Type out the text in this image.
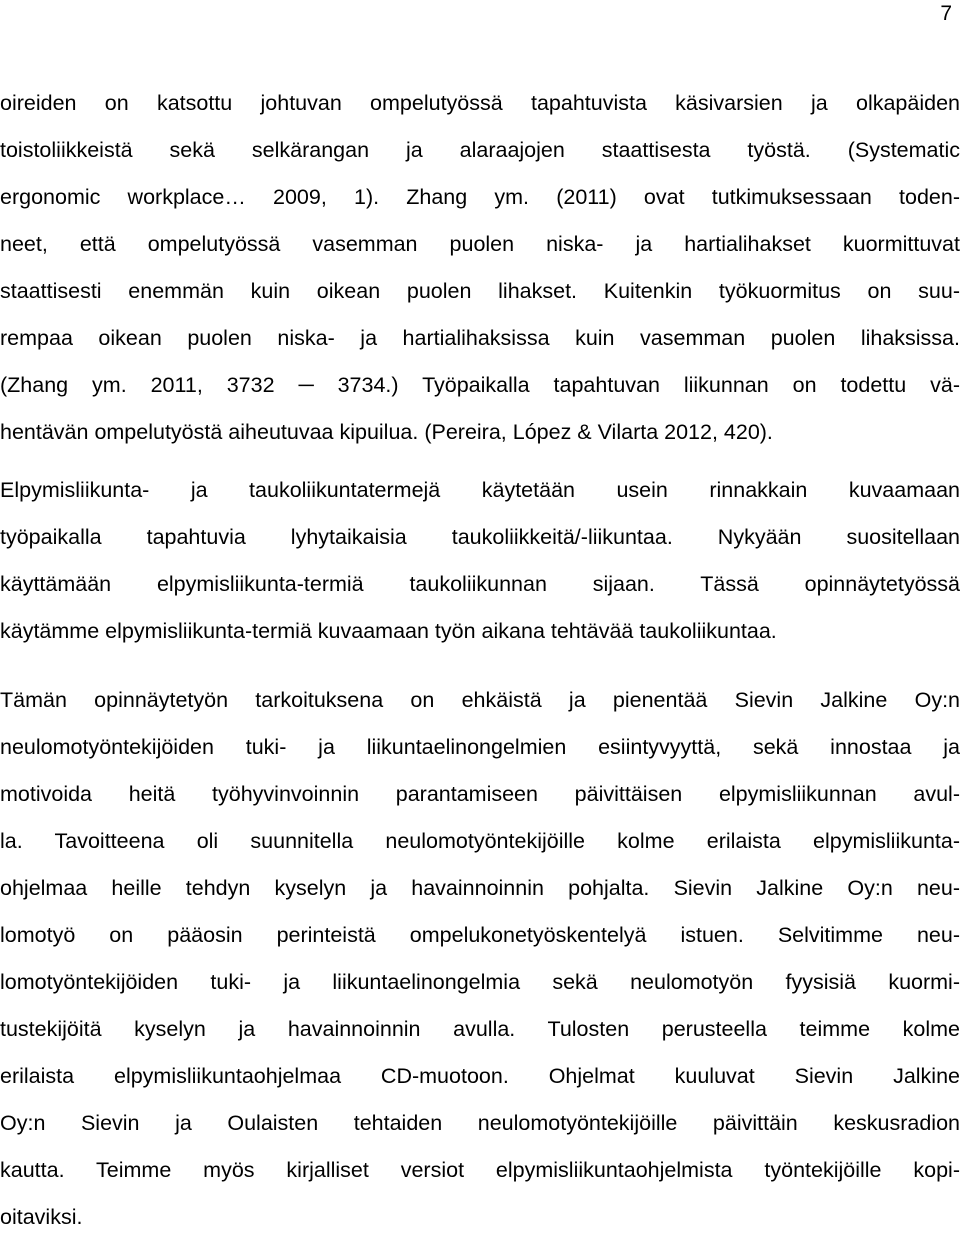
7
oireiden on katsottu johtuvan ompelutyössä tapahtuvista käsivarsien ja olkapäiden
toistoliikkeistä sekä selkärangan ja alaraajojen staattisesta työstä. (Systematic
ergonomic workplace… 2009, 1). Zhang ym. (2011) ovat tutkimuksessaan toden-
neet, että ompelutyössä vasemman puolen niska- ja hartialihakset kuormittuvat
staattisesti enemmän kuin oikean puolen lihakset. Kuitenkin työkuormitus on suu-
rempaa oikean puolen niska- ja hartialihaksissa kuin vasemman puolen lihaksissa.
(Zhang ym. 2011, 3732 ─ 3734.) Työpaikalla tapahtuvan liikunnan on todettu vä-
hentävän ompelutyöstä aiheutuvaa kipuilua. (Pereira, López & Vilarta 2012, 420).
Elpymisliikunta- ja taukoliikuntatermejä käytetään usein rinnakkain kuvaamaan
työpaikalla tapahtuvia lyhytaikaisia taukoliikkeitä/-liikuntaa. Nykyään suositellaan
käyttämään elpymisliikunta-termiä taukoliikunnan sijaan. Tässä opinnäytetyössä
käytämme elpymisliikunta-termiä kuvaamaan työn aikana tehtävää taukoliikuntaa.
Tämän opinnäytetyön tarkoituksena on ehkäistä ja pienentää Sievin Jalkine Oy:n
neulomotyöntekijöiden tuki- ja liikuntaelinongelmien esiintyvyyttä, sekä innostaa ja
motivoida heitä työhyvinvoinnin parantamiseen päivittäisen elpymisliikunnan avul-
la. Tavoitteena oli suunnitella neulomotyöntekijöille kolme erilaista elpymisliikunta-
ohjelmaa heille tehdyn kyselyn ja havainnoinnin pohjalta. Sievin Jalkine Oy:n neu-
lomotyö on pääosin perinteistä ompelukonetyöskentelyä istuen. Selvitimme neu-
lomotyöntekijöiden tuki- ja liikuntaelinongelmia sekä neulomotyön fyysisiä kuormi-
tustekijöitä kyselyn ja havainnoinnin avulla. Tulosten perusteella teimme kolme
erilaista elpymisliikuntaohjelmaa CD-muotoon. Ohjelmat kuuluvat Sievin Jalkine
Oy:n Sievin ja Oulaisten tehtaiden neulomotyöntekijöille päivittäin keskusradion
kautta. Teimme myös kirjalliset versiot elpymisliikuntaohjelmista työntekijöille kopi-
oitaviksi.
